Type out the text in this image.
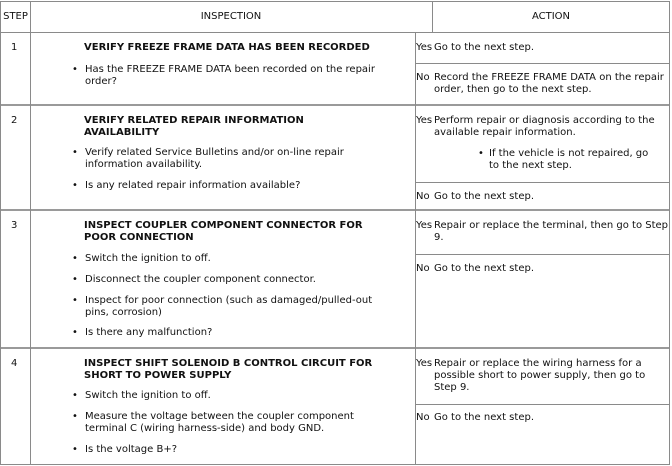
STEP	INSPECTION	ACTION
1	VERIFY FREEZE FRAME DATA HAS BEEN RECORDED
• Has the FREEZE FRAME DATA been recorded on the repair order?
Yes Go to the next step.
No Record the FREEZE FRAME DATA on the repair order, then go to the next step.
2	VERIFY RELATED REPAIR INFORMATION AVAILABILITY
• Verify related Service Bulletins and/or on-line repair information availability.
• Is any related repair information available?
Yes Perform repair or diagnosis according to the available repair information.
• If the vehicle is not repaired, go to the next step.
No Go to the next step.
3	INSPECT COUPLER COMPONENT CONNECTOR FOR POOR CONNECTION
• Switch the ignition to off.
• Disconnect the coupler component connector.
• Inspect for poor connection (such as damaged/pulled-out pins, corrosion)
• Is there any malfunction?
Yes Repair or replace the terminal, then go to Step 9.
No Go to the next step.
4	INSPECT SHIFT SOLENOID B CONTROL CIRCUIT FOR SHORT TO POWER SUPPLY
• Switch the ignition to off.
• Measure the voltage between the coupler component terminal C (wiring harness-side) and body GND.
• Is the voltage B+?
Yes Repair or replace the wiring harness for a possible short to power supply, then go to Step 9.
No Go to the next step.
